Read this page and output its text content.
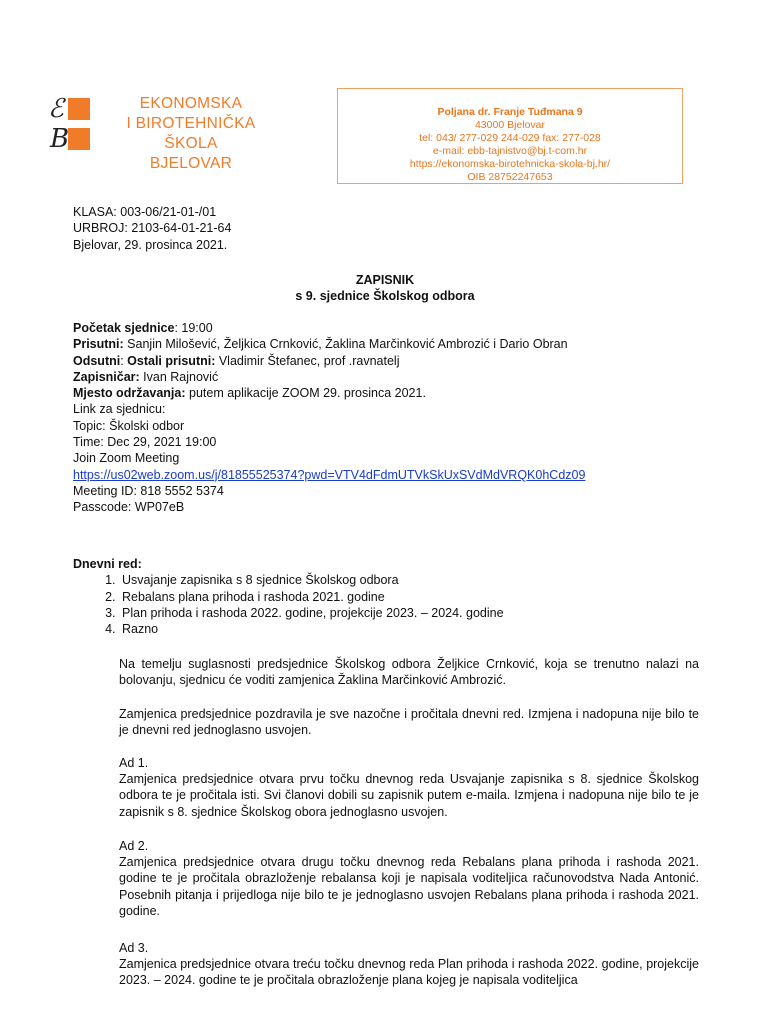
ℰ
B
EKONOMSKA
I BIROTEHNIČKA ŠKOLA
BJELOVAR
Poljana dr. Franje Tuđmana 9
43000 Bjelovar
tel: 043/ 277-029 244-029 fax: 277-028
e-mail: ebb-tajnistvo@bj.t-com.hr
https://ekonomska-birotehnicka-skola-bj.hr/
OIB 28752247653
KLASA: 003-06/21-01-/01
URBROJ: 2103-64-01-21-64
Bjelovar, 29. prosinca 2021.
ZAPISNIK
s 9. sjednice Školskog odbora
Početak sjednice: 19:00
Prisutni: Sanjin Milošević, Željkica Crnković, Žaklina Marčinković Ambrozić i Dario Obran
Odsutni: Ostali prisutni: Vladimir Štefanec, prof .ravnatelj
Zapisničar: Ivan Rajnović
Mjesto održavanja: putem aplikacije ZOOM 29. prosinca 2021.
Link za sjednicu:
Topic: Školski odbor
Time: Dec 29, 2021 19:00
Join Zoom Meeting
https://us02web.zoom.us/j/81855525374?pwd=VTV4dFdmUTVkSkUxSVdMdVRQK0hCdz09
Meeting ID: 818 5552 5374
Passcode: WP07eB
Dnevni red:
1. Usvajanje zapisnika s 8 sjednice Školskog odbora
2. Rebalans plana prihoda i rashoda 2021. godine
3. Plan prihoda i rashoda 2022. godine, projekcije 2023. – 2024. godine
4. Razno
Na temelju suglasnosti predsjednice Školskog odbora Željkice Crnković, koja se trenutno nalazi na bolovanju, sjednicu će voditi zamjenica Žaklina Marčinković Ambrozić.
Zamjenica predsjednice pozdravila je sve nazočne i pročitala dnevni red. Izmjena i nadopuna nije bilo te je dnevni red jednoglasno usvojen.
Ad 1.
Zamjenica predsjednice otvara prvu točku dnevnog reda Usvajanje zapisnika s 8. sjednice Školskog odbora te je pročitala isti. Svi članovi dobili su zapisnik putem e-maila. Izmjena i nadopuna nije bilo te je zapisnik s 8. sjednice Školskog obora jednoglasno usvojen.
Ad 2.
Zamjenica predsjednice otvara drugu točku dnevnog reda Rebalans plana prihoda i rashoda 2021. godine te je pročitala obrazloženje rebalansa koji je napisala voditeljica računovodstva Nada Antonić. Posebnih pitanja i prijedloga nije bilo te je jednoglasno usvojen Rebalans plana prihoda i rashoda 2021. godine.
Ad 3.
Zamjenica predsjednice otvara treću točku dnevnog reda Plan prihoda i rashoda 2022. godine, projekcije 2023. – 2024. godine te je pročitala obrazloženje plana kojeg je napisala voditeljica
